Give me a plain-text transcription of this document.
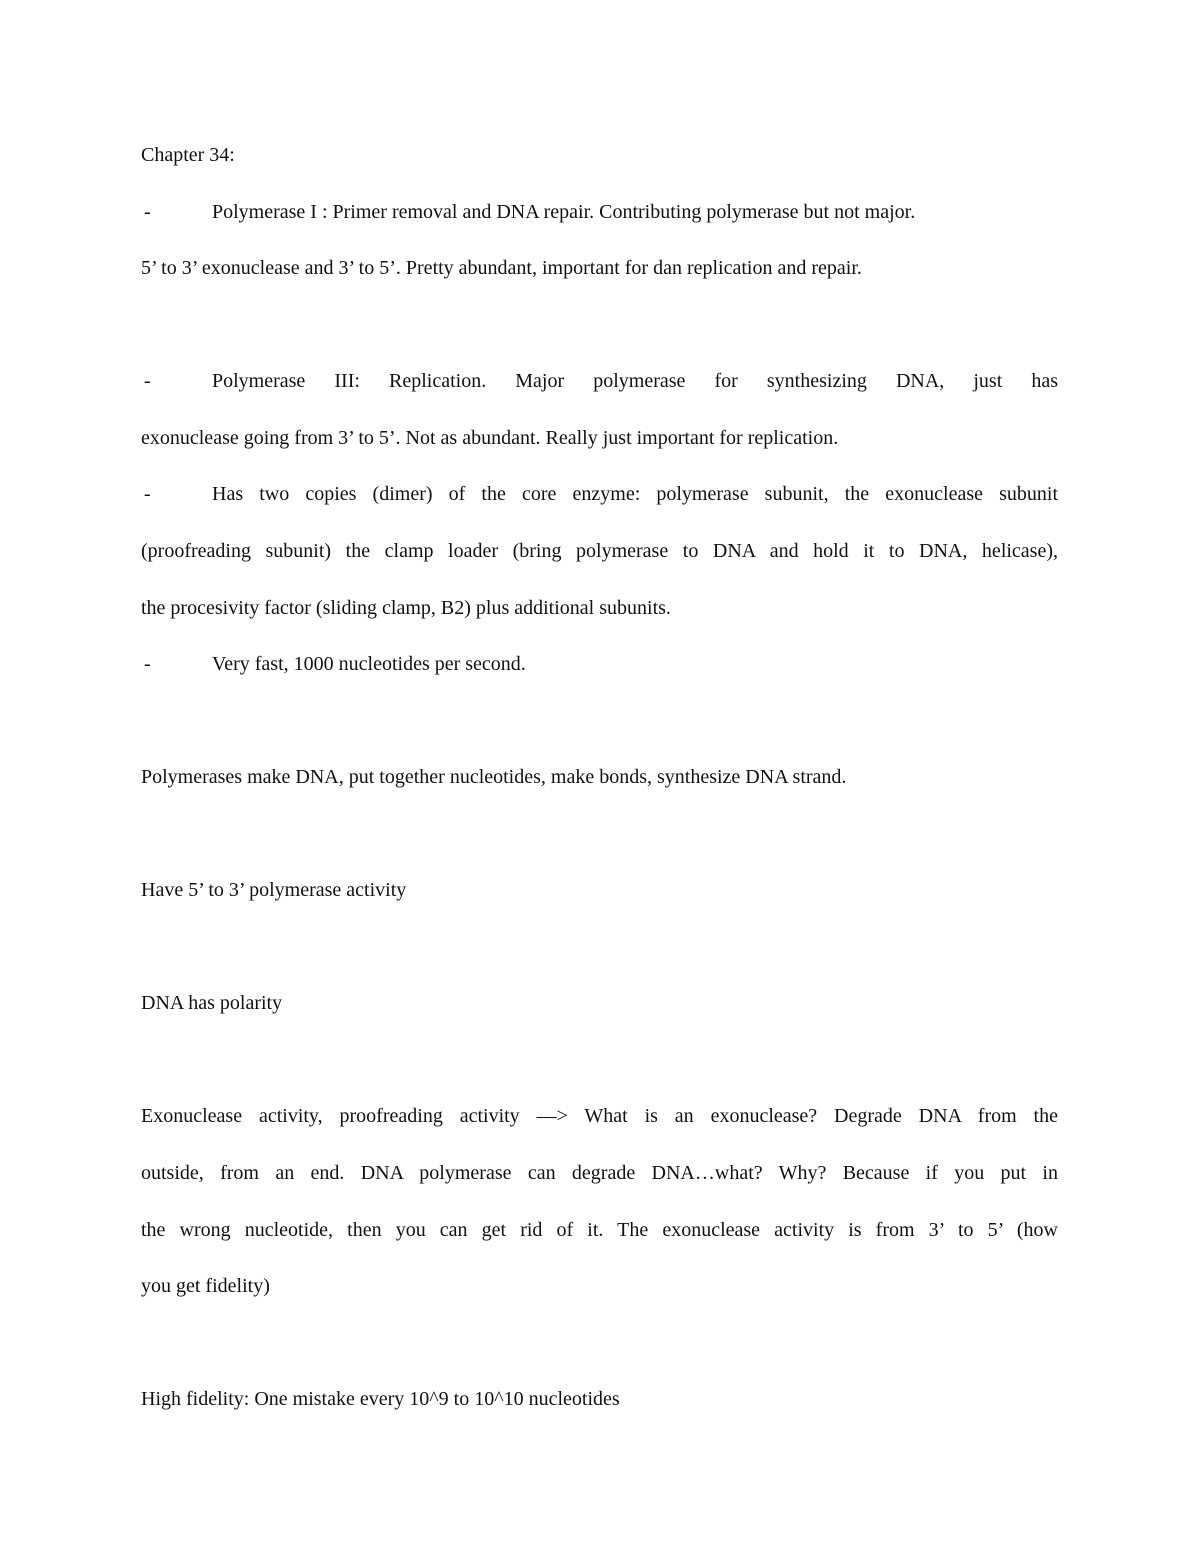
Chapter 34:
-	Polymerase I : Primer removal and DNA repair. Contributing polymerase but not major.
5’ to 3’ exonuclease and 3’ to 5’. Pretty abundant, important for dan replication and repair.
-	Polymerase III: Replication. Major polymerase for synthesizing DNA, just has
exonuclease going from 3’ to 5’. Not as abundant. Really just important for replication.
-	Has two copies (dimer) of the core enzyme: polymerase subunit, the exonuclease subunit
(proofreading subunit) the clamp loader (bring polymerase to DNA and hold it to DNA, helicase),
the procesivity factor (sliding clamp, B2) plus additional subunits.
-	Very fast, 1000 nucleotides per second.
Polymerases make DNA, put together nucleotides, make bonds, synthesize DNA strand.
Have 5’ to 3’ polymerase activity
DNA has polarity
Exonuclease activity, proofreading activity —> What is an exonuclease? Degrade DNA from the
outside, from an end. DNA polymerase can degrade DNA…what? Why? Because if you put in
the wrong nucleotide, then you can get rid of it. The exonuclease activity is from 3’ to 5’ (how
you get fidelity)
High fidelity: One mistake every 10^9 to 10^10 nucleotides
